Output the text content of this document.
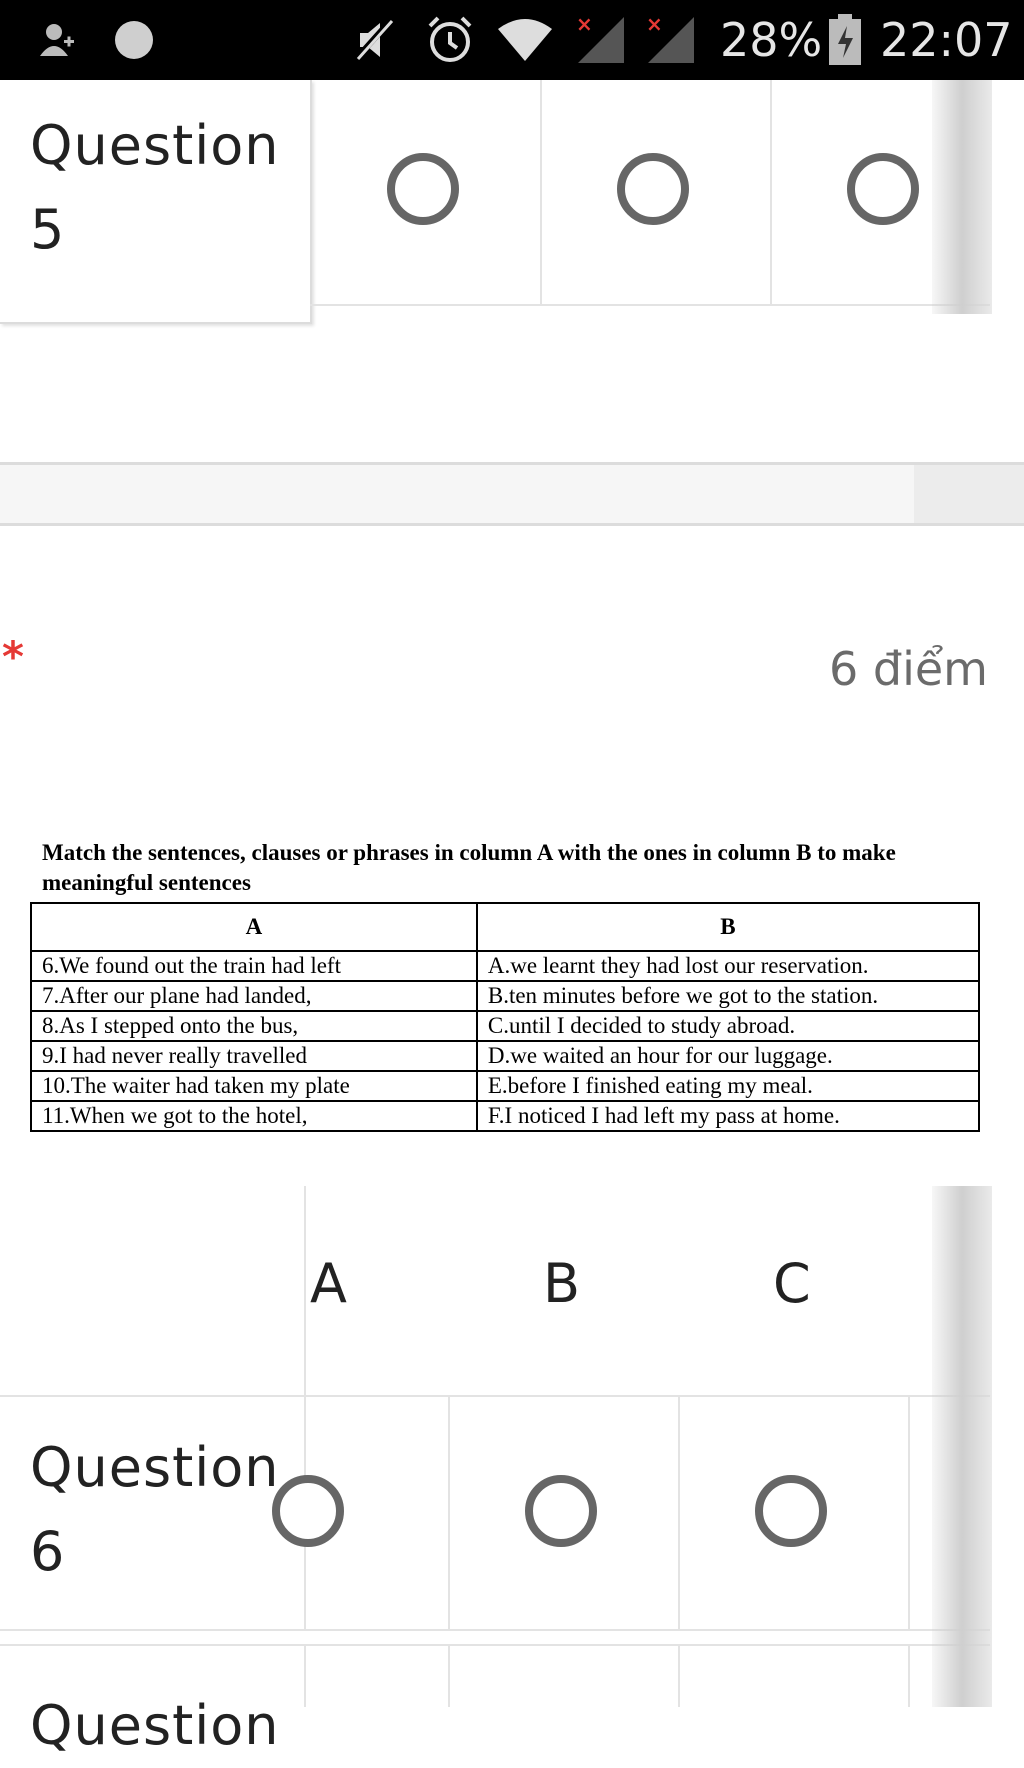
×	× 28% 22:07
Question 5
*	6 điểm
Match the sentences, clauses or phrases in column A with the ones in column B to make meaningful sentences
A	B
6.We found out the train had left	A.we learnt they had lost our reservation.
7.After our plane had landed,	B.ten minutes before we got to the station.
8.As I stepped onto the bus,	C.until I decided to study abroad.
9.I had never really travelled	D.we waited an hour for our luggage.
10.The waiter had taken my plate	E.before I finished eating my meal.
11.When we got to the hotel,	F.I noticed I had left my pass at home.
A	B	C
Question 6
Question
